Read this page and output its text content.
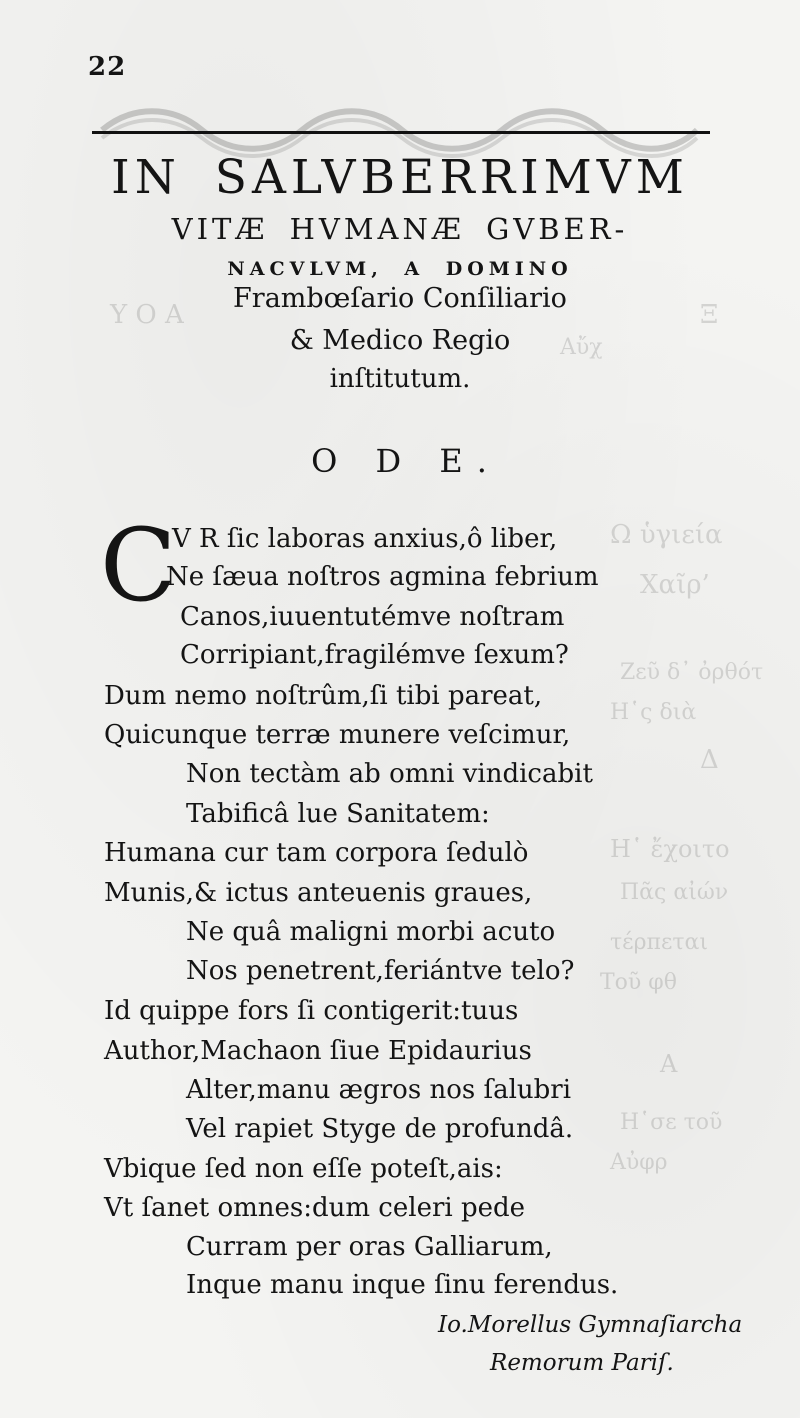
Ω ὑγιεία
Χαῖρ’
Ζεῦ δ᾽ ὀρθότ
Η῾ς διὰ
Δ
Η῾ ἔχοιτο
Πᾶς αἰών
τέρπεται
Τοῦ φθ
Α
Η῾σε τοῦ
Αὐφρ
Υ Ο Α	Ξ
Αὔχ
22
IN SALVBERRIMVM
VITÆ HVMANÆ GVBER-
NACVLVM, A DOMINO
Frambœſario Conſiliario
& Medico Regio
inſtitutum.
O D E.
C
V R ſic laboras anxius,ô liber,
Ne ſæua noſtros agmina febrium
Canos,iuuentutémve noſtram
Corripiant,fragilémve ſexum?
Dum nemo noſtrûm,ſi tibi pareat,
Quicunque terræ munere veſcimur,
Non tectàm ab omni vindicabit
Tabificâ lue Sanitatem:
Humana cur tam corpora ſedulò
Munis,& ictus anteuenis graues,
Ne quâ maligni morbi acuto
Nos penetrent,feriántve telo?
Id quippe fors ſi contigerit:tuus
Author,Machaon ſiue Epidaurius
Alter,manu ægros nos ſalubri
Vel rapiet Styge de profundâ.
Vbique ſed non eſſe poteſt,ais:
Vt ſanet omnes:dum celeri pede
Curram per oras Galliarum,
Inque manu inque ſinu ferendus.
Io.Morellus Gymnaſiarcha
Remorum Pariſ.
